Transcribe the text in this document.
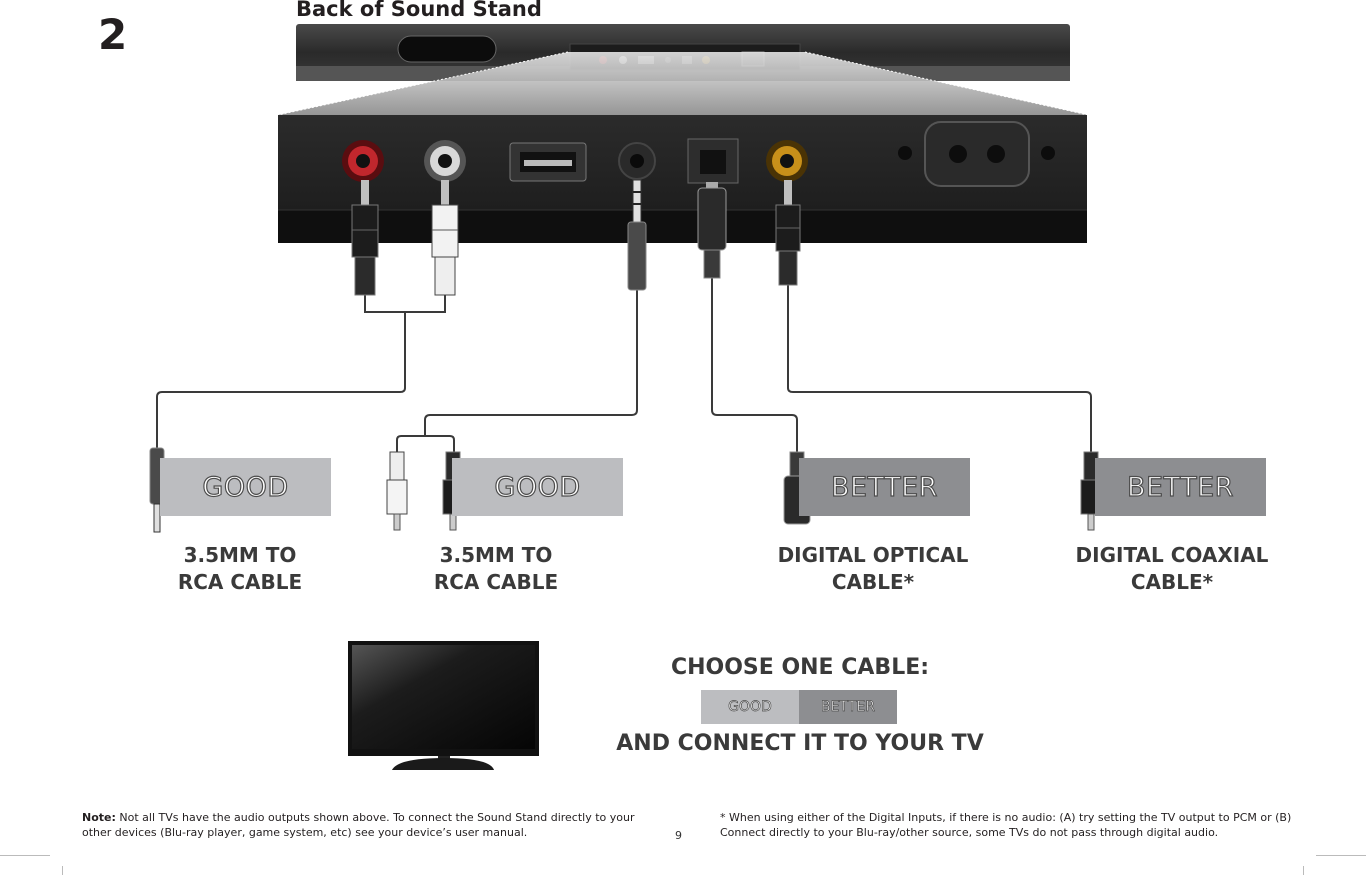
2
Back of Sound Stand
GOOD	GOOD	BETTER	BETTER
3.5MM TO
RCA CABLE
3.5MM TO
RCA CABLE
DIGITAL OPTICAL
CABLE*
DIGITAL COAXIAL
CABLE*
CHOOSE ONE CABLE:
GOOD	BETTER
AND CONNECT IT TO YOUR TV
Note: Not all TVs have the audio outputs shown above. To connect the Sound Stand directly to your other devices (Blu-ray player, game system, etc) see your device’s user manual.	9
* When using either of the Digital Inputs, if there is no audio: (A) try setting the TV output to PCM or (B) Connect directly to your Blu-ray/other source, some TVs do not pass through digital audio.
